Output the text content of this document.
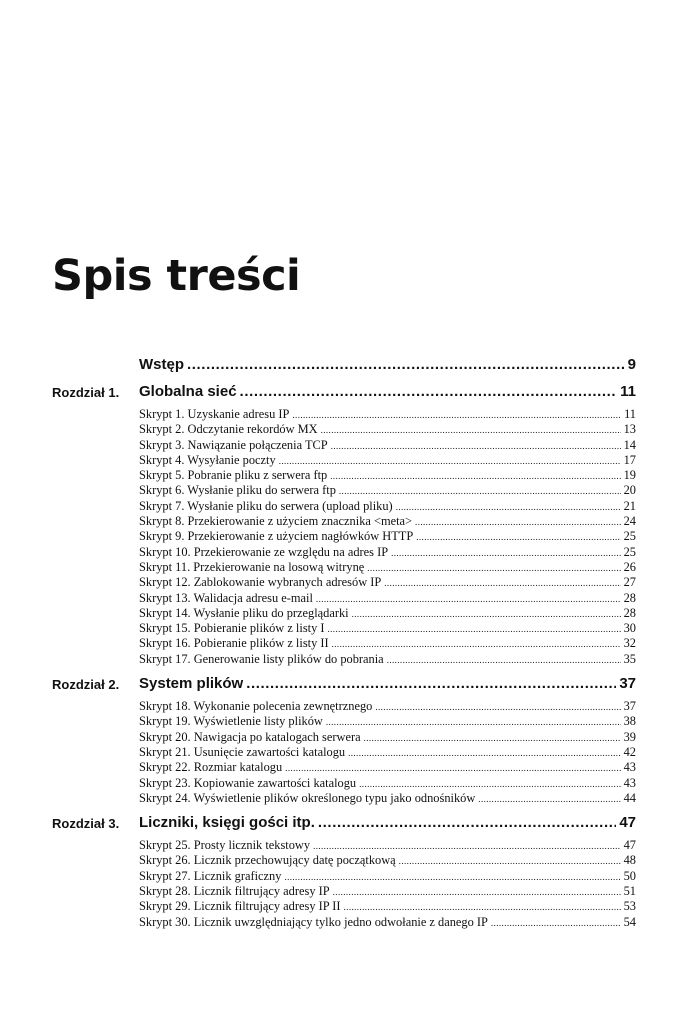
Spis treści
Wstęp .....	9
Rozdział 1. Globalna sieć .....	11
Skrypt 1. Uzyskanie adresu IP .....	11
Skrypt 2. Odczytanie rekordów MX .....	13
Skrypt 3. Nawiązanie połączenia TCP .....	14
Skrypt 4. Wysyłanie poczty .....	17
Skrypt 5. Pobranie pliku z serwera ftp .....	19
Skrypt 6. Wysłanie pliku do serwera ftp .....	20
Skrypt 7. Wysłanie pliku do serwera (upload pliku) .....	21
Skrypt 8. Przekierowanie z użyciem znacznika <meta> .....	24
Skrypt 9. Przekierowanie z użyciem nagłówków HTTP .....	25
Skrypt 10. Przekierowanie ze względu na adres IP .....	25
Skrypt 11. Przekierowanie na losową witrynę .....	26
Skrypt 12. Zablokowanie wybranych adresów IP .....	27
Skrypt 13. Walidacja adresu e-mail .....	28
Skrypt 14. Wysłanie pliku do przeglądarki .....	28
Skrypt 15. Pobieranie plików z listy I .....	30
Skrypt 16. Pobieranie plików z listy II .....	32
Skrypt 17. Generowanie listy plików do pobrania .....	35
Rozdział 2. System plików .....	37
Skrypt 18. Wykonanie polecenia zewnętrznego .....	37
Skrypt 19. Wyświetlenie listy plików .....	38
Skrypt 20. Nawigacja po katalogach serwera .....	39
Skrypt 21. Usunięcie zawartości katalogu .....	42
Skrypt 22. Rozmiar katalogu .....	43
Skrypt 23. Kopiowanie zawartości katalogu .....	43
Skrypt 24. Wyświetlenie plików określonego typu jako odnośników .....	44
Rozdział 3. Liczniki, księgi gości itp. .....	47
Skrypt 25. Prosty licznik tekstowy .....	47
Skrypt 26. Licznik przechowujący datę początkową .....	48
Skrypt 27. Licznik graficzny .....	50
Skrypt 28. Licznik filtrujący adresy IP .....	51
Skrypt 29. Licznik filtrujący adresy IP II .....	53
Skrypt 30. Licznik uwzględniający tylko jedno odwołanie z danego IP .....	54
